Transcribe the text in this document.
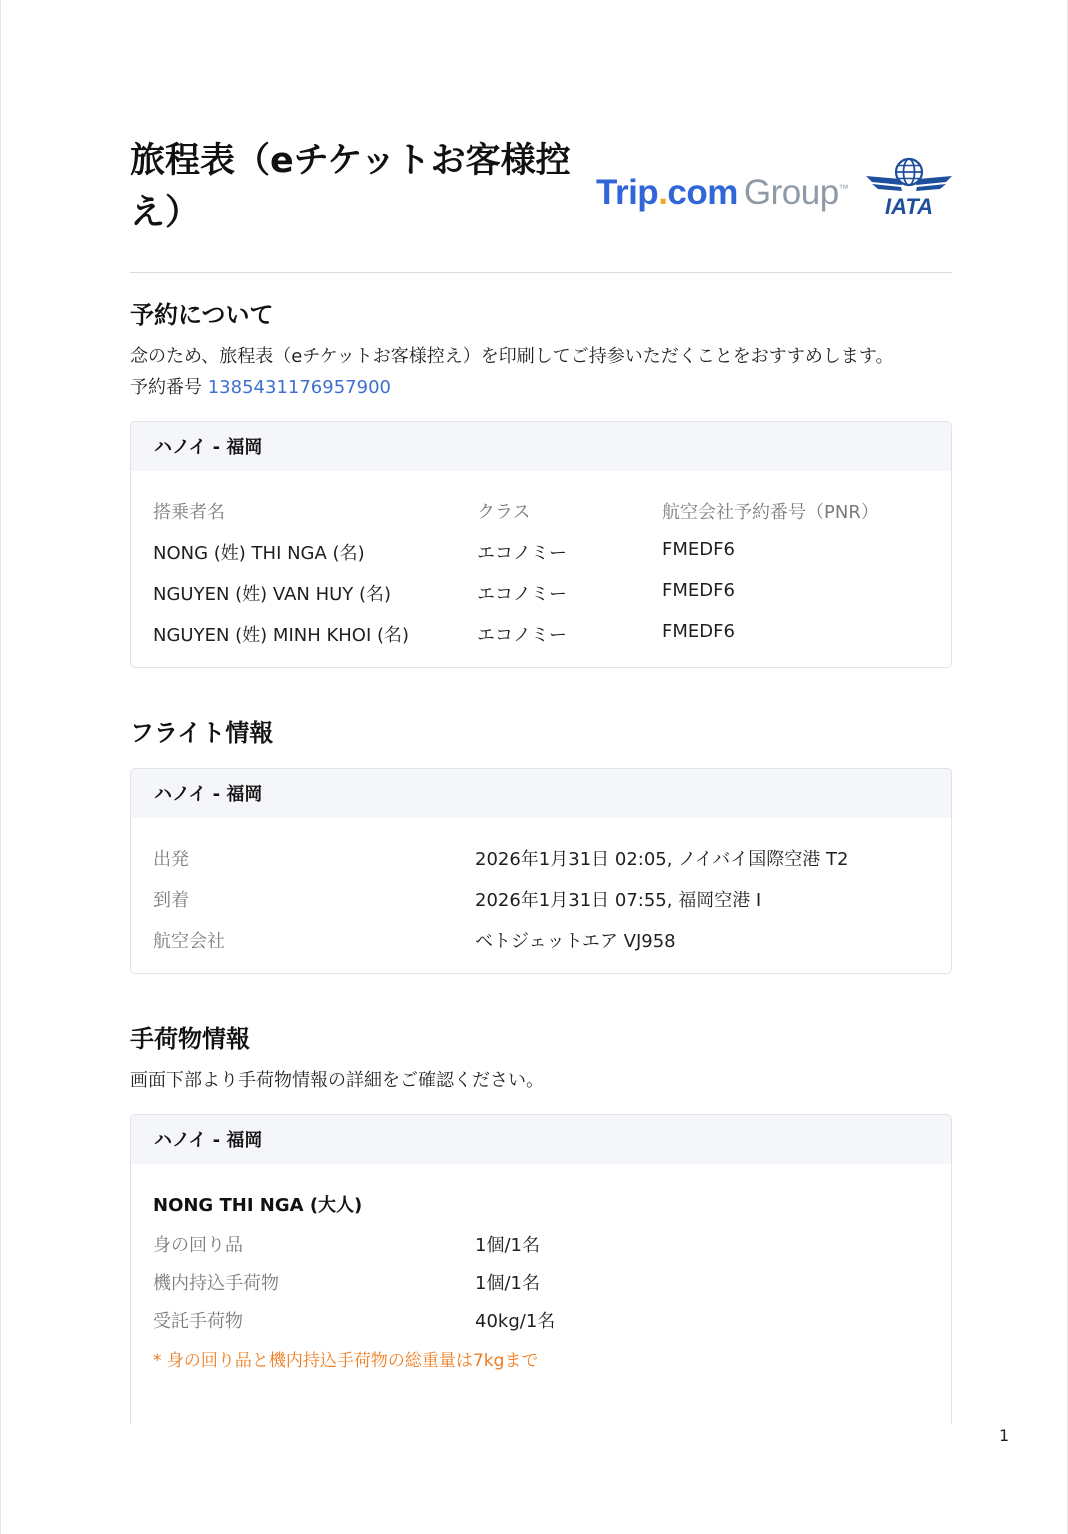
旅程表（eチケットお客様控え）
Trip.com Group™
IATA
予約について

念のため、旅程表（eチケットお客様控え）を印刷してご持参いただくことをおすすめします。

予約番号 1385431176957900

ハノイ - 福岡
搭乗者名	クラス	航空会社予約番号（PNR）
NONG (姓) THI NGA (名)	エコノミー	FMEDF6
NGUYEN (姓) VAN HUY (名)	エコノミー	FMEDF6
NGUYEN (姓) MINH KHOI (名)	エコノミー	FMEDF6
フライト情報
ハノイ - 福岡
出発	2026年1月31日 02:05, ノイバイ国際空港 T2
到着	2026年1月31日 07:55, 福岡空港 I
航空会社	ベトジェットエア VJ958
手荷物情報

画面下部より手荷物情報の詳細をご確認ください。

ハノイ - 福岡
NONG THI NGA (大人)
身の回り品	1個/1名
機内持込手荷物	1個/1名
受託手荷物	40kg/1名
* 身の回り品と機内持込手荷物の総重量は7kgまで
1
